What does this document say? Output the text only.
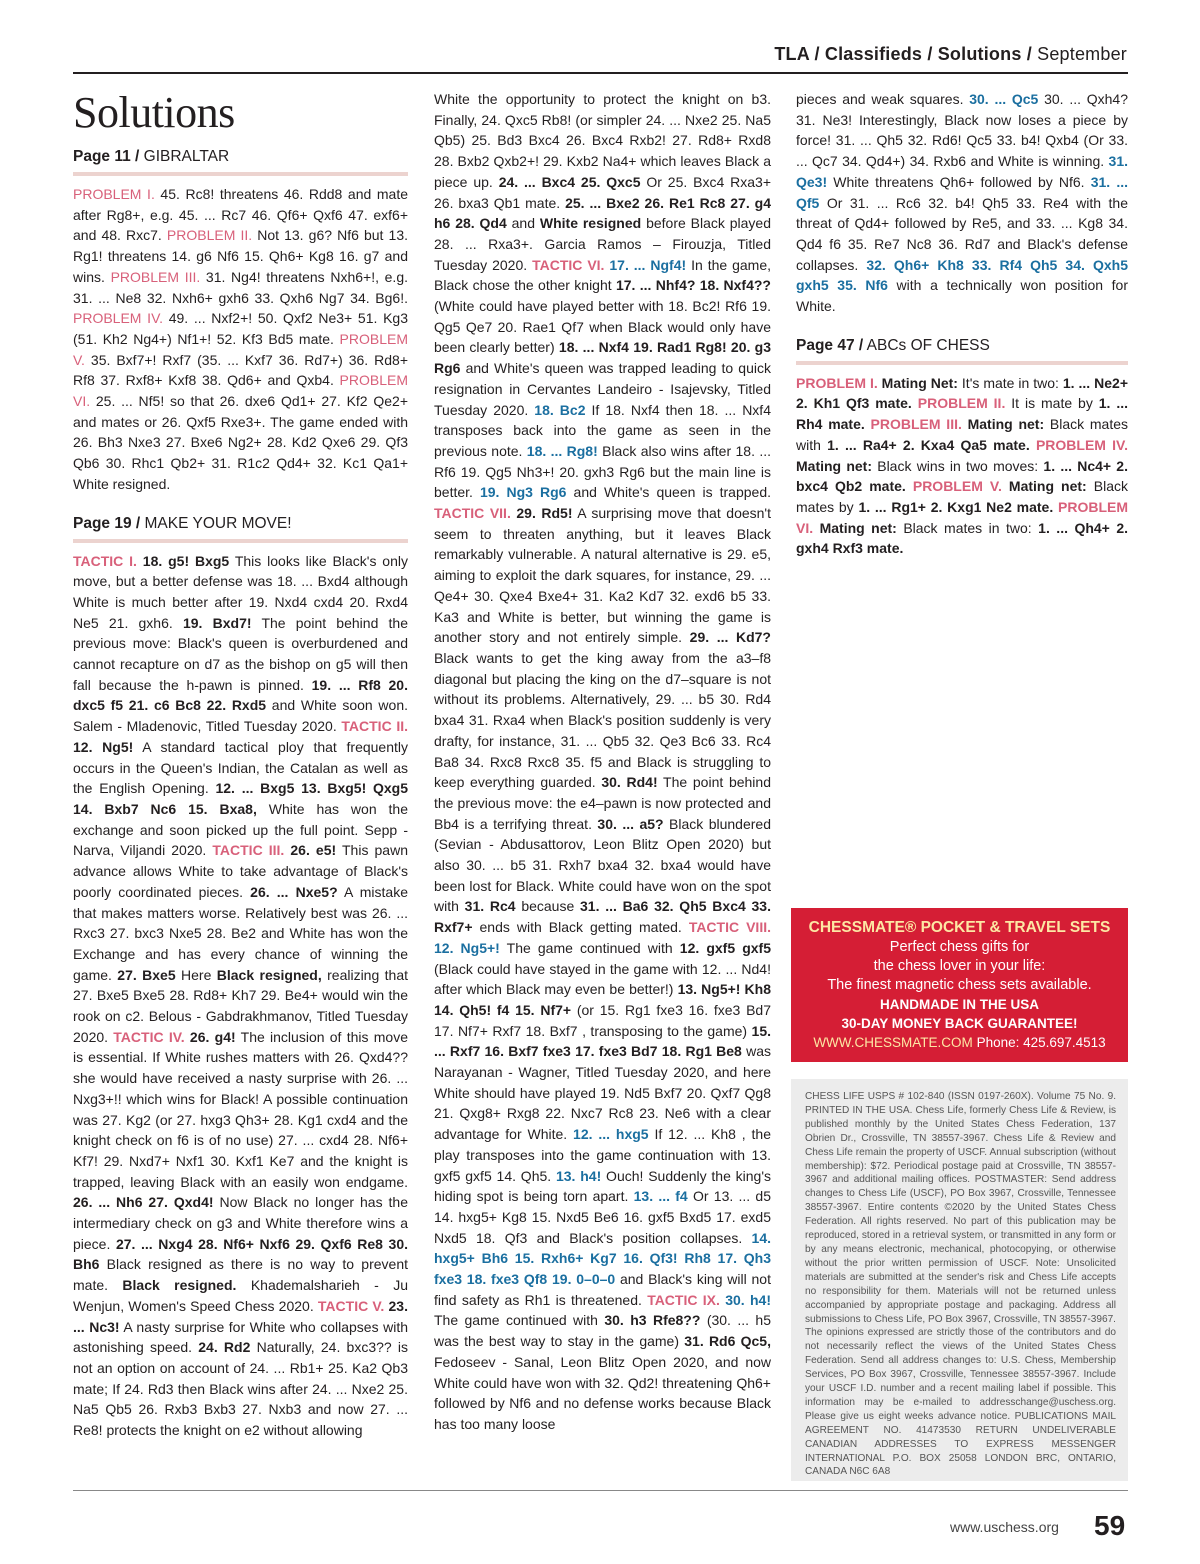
TLA / Classifieds / Solutions / September
Solutions
Page 11 / GIBRALTAR

PROBLEM I. 45. Rc8! threatens 46. Rdd8 and mate after Rg8+, e.g. 45. ... Rc7 46. Qf6+ Qxf6 47. exf6+ and 48. Rxc7. PROBLEM II. Not 13. g6? Nf6 but 13. Rg1! threatens 14. g6 Nf6 15. Qh6+ Kg8 16. g7 and wins. PROBLEM III. 31. Ng4! threatens Nxh6+!, e.g. 31. ... Ne8 32. Nxh6+ gxh6 33. Qxh6 Ng7 34. Bg6!. PROBLEM IV. 49. ... Nxf2+! 50. Qxf2 Ne3+ 51. Kg3 (51. Kh2 Ng4+) Nf1+! 52. Kf3 Bd5 mate. PROBLEM V. 35. Bxf7+! Rxf7 (35. ... Kxf7 36. Rd7+) 36. Rd8+ Rf8 37. Rxf8+ Kxf8 38. Qd6+ and Qxb4. PROBLEM VI. 25. ... Nf5! so that 26. dxe6 Qd1+ 27. Kf2 Qe2+ and mates or 26. Qxf5 Rxe3+. The game ended with 26. Bh3 Nxe3 27. Bxe6 Ng2+ 28. Kd2 Qxe6 29. Qf3 Qb6 30. Rhc1 Qb2+ 31. R1c2 Qd4+ 32. Kc1 Qa1+ White resigned.

Page 19 / MAKE YOUR MOVE!

TACTIC I. 18. g5! Bxg5 This looks like Black's only move, but a better defense was 18. ... Bxd4 although White is much better after 19. Nxd4 cxd4 20. Rxd4 Ne5 21. gxh6. 19. Bxd7! The point behind the previous move: Black's queen is overburdened and cannot recapture on d7 as the bishop on g5 will then fall because the h-pawn is pinned. 19. ... Rf8 20. dxc5 f5 21. c6 Bc8 22. Rxd5 and White soon won. Salem - Mladenovic, Titled Tuesday 2020. TACTIC II. 12. Ng5! A standard tactical ploy that frequently occurs in the Queen's Indian, the Catalan as well as the English Opening. 12. ... Bxg5 13. Bxg5! Qxg5 14. Bxb7 Nc6 15. Bxa8, White has won the exchange and soon picked up the full point. Sepp - Narva, Viljandi 2020. TACTIC III. 26. e5! This pawn advance allows White to take advantage of Black's poorly coordinated pieces. 26. ... Nxe5? A mistake that makes matters worse. Relatively best was 26. ... Rxc3 27. bxc3 Nxe5 28. Be2 and White has won the Exchange and has every chance of winning the game. 27. Bxe5 Here Black resigned, realizing that 27. Bxe5 Bxe5 28. Rd8+ Kh7 29. Be4+ would win the rook on c2. Belous - Gabdrakhmanov, Titled Tuesday 2020. TACTIC IV. 26. g4! The inclusion of this move is essential. If White rushes matters with 26. Qxd4?? she would have received a nasty surprise with 26. ... Nxg3+!! which wins for Black! A possible continuation was 27. Kg2 (or 27. hxg3 Qh3+ 28. Kg1 cxd4 and the knight check on f6 is of no use) 27. ... cxd4 28. Nf6+ Kf7! 29. Nxd7+ Nxf1 30. Kxf1 Ke7 and the knight is trapped, leaving Black with an easily won endgame. 26. ... Nh6 27. Qxd4! Now Black no longer has the intermediary check on g3 and White therefore wins a piece. 27. ... Nxg4 28. Nf6+ Nxf6 29. Qxf6 Re8 30. Bh6 Black resigned as there is no way to prevent mate. Black resigned. Khademalsharieh - Ju Wenjun, Women's Speed Chess 2020. TACTIC V. 23. ... Nc3! A nasty surprise for White who collapses with astonishing speed. 24. Rd2 Naturally, 24. bxc3?? is not an option on account of 24. ... Rb1+ 25. Ka2 Qb3 mate; If 24. Rd3 then Black wins after 24. ... Nxe2 25. Na5 Qb5 26. Rxb3 Bxb3 27. Nxb3 and now 27. ... Re8! protects the knight on e2 without allowing

White the opportunity to protect the knight on b3. Finally, 24. Qxc5 Rb8! (or simpler 24. ... Nxe2 25. Na5 Qb5) 25. Bd3 Bxc4 26. Bxc4 Rxb2! 27. Rd8+ Rxd8 28. Bxb2 Qxb2+! 29. Kxb2 Na4+ which leaves Black a piece up. 24. ... Bxc4 25. Qxc5 Or 25. Bxc4 Rxa3+ 26. bxa3 Qb1 mate. 25. ... Bxe2 26. Re1 Rc8 27. g4 h6 28. Qd4 and White resigned before Black played 28. ... Rxa3+. Garcia Ramos – Firouzja, Titled Tuesday 2020. TACTIC VI. 17. ... Ngf4! In the game, Black chose the other knight 17. ... Nhf4? 18. Nxf4?? (White could have played better with 18. Bc2! Rf6 19. Qg5 Qe7 20. Rae1 Qf7 when Black would only have been clearly better) 18. ... Nxf4 19. Rad1 Rg8! 20. g3 Rg6 and White's queen was trapped leading to quick resignation in Cervantes Landeiro - Isajevsky, Titled Tuesday 2020. 18. Bc2 If 18. Nxf4 then 18. ... Nxf4 transposes back into the game as seen in the previous note. 18. ... Rg8! Black also wins after 18. ... Rf6 19. Qg5 Nh3+! 20. gxh3 Rg6 but the main line is better. 19. Ng3 Rg6 and White's queen is trapped. TACTIC VII. 29. Rd5! A surprising move that doesn't seem to threaten anything, but it leaves Black remarkably vulnerable. A natural alternative is 29. e5, aiming to exploit the dark squares, for instance, 29. ... Qe4+ 30. Qxe4 Bxe4+ 31. Ka2 Kd7 32. exd6 b5 33. Ka3 and White is better, but winning the game is another story and not entirely simple. 29. ... Kd7? Black wants to get the king away from the a3–f8 diagonal but placing the king on the d7–square is not without its problems. Alternatively, 29. ... b5 30. Rd4 bxa4 31. Rxa4 when Black's position suddenly is very drafty, for instance, 31. ... Qb5 32. Qe3 Bc6 33. Rc4 Ba8 34. Rxc8 Rxc8 35. f5 and Black is struggling to keep everything guarded. 30. Rd4! The point behind the previous move: the e4–pawn is now protected and Bb4 is a terrifying threat. 30. ... a5? Black blundered (Sevian - Abdusattorov, Leon Blitz Open 2020) but also 30. ... b5 31. Rxh7 bxa4 32. bxa4 would have been lost for Black. White could have won on the spot with 31. Rc4 because 31. ... Ba6 32. Qh5 Bxc4 33. Rxf7+ ends with Black getting mated. TACTIC VIII. 12. Ng5+! The game continued with 12. gxf5 gxf5 (Black could have stayed in the game with 12. ... Nd4! after which Black may even be better!) 13. Ng5+! Kh8 14. Qh5! f4 15. Nf7+ (or 15. Rg1 fxe3 16. fxe3 Bd7 17. Nf7+ Rxf7 18. Bxf7 , transposing to the game) 15. ... Rxf7 16. Bxf7 fxe3 17. fxe3 Bd7 18. Rg1 Be8 was Narayanan - Wagner, Titled Tuesday 2020, and here White should have played 19. Nd5 Bxf7 20. Qxf7 Qg8 21. Qxg8+ Rxg8 22. Nxc7 Rc8 23. Ne6 with a clear advantage for White. 12. ... hxg5 If 12. ... Kh8 , the play transposes into the game continuation with 13. gxf5 gxf5 14. Qh5. 13. h4! Ouch! Suddenly the king's hiding spot is being torn apart. 13. ... f4 Or 13. ... d5 14. hxg5+ Kg8 15. Nxd5 Be6 16. gxf5 Bxd5 17. exd5 Nxd5 18. Qf3 and Black's position collapses. 14. hxg5+ Bh6 15. Rxh6+ Kg7 16. Qf3! Rh8 17. Qh3 fxe3 18. fxe3 Qf8 19. 0–0–0 and Black's king will not find safety as Rh1 is threatened. TACTIC IX. 30. h4! The game continued with 30. h3 Rfe8?? (30. ... h5 was the best way to stay in the game) 31. Rd6 Qc5, Fedoseev - Sanal, Leon Blitz Open 2020, and now White could have won with 32. Qd2! threatening Qh6+ followed by Nf6 and no defense works because Black has too many loose

pieces and weak squares. 30. ... Qc5 30. ... Qxh4? 31. Ne3! Interestingly, Black now loses a piece by force! 31. ... Qh5 32. Rd6! Qc5 33. b4! Qxb4 (Or 33. ... Qc7 34. Qd4+) 34. Rxb6 and White is winning. 31. Qe3! White threatens Qh6+ followed by Nf6. 31. ... Qf5 Or 31. ... Rc6 32. b4! Qh5 33. Re4 with the threat of Qd4+ followed by Re5, and 33. ... Kg8 34. Qd4 f6 35. Re7 Nc8 36. Rd7 and Black's defense collapses. 32. Qh6+ Kh8 33. Rf4 Qh5 34. Qxh5 gxh5 35. Nf6 with a technically won position for White.

Page 47 / ABCs OF CHESS

PROBLEM I. Mating Net: It's mate in two: 1. ... Ne2+ 2. Kh1 Qf3 mate. PROBLEM II. It is mate by 1. ... Rh4 mate. PROBLEM III. Mating net: Black mates with 1. ... Ra4+ 2. Kxa4 Qa5 mate. PROBLEM IV. Mating net: Black wins in two moves: 1. ... Nc4+ 2. bxc4 Qb2 mate. PROBLEM V. Mating net: Black mates by 1. ... Rg1+ 2. Kxg1 Ne2 mate. PROBLEM VI. Mating net: Black mates in two: 1. ... Qh4+ 2. gxh4 Rxf3 mate.

CHESSMATE® POCKET & TRAVEL SETS
Perfect chess gifts for
the chess lover in your life:
The finest magnetic chess sets available.
HANDMADE IN THE USA
30-DAY MONEY BACK GUARANTEE!
WWW.CHESSMATE.COM Phone: 425.697.4513
CHESS LIFE USPS # 102-840 (ISSN 0197-260X). Volume 75 No. 9. PRINTED IN THE USA. Chess Life, formerly Chess Life & Review, is published monthly by the United States Chess Federation, 137 Obrien Dr., Crossville, TN 38557-3967. Chess Life & Review and Chess Life remain the property of USCF. Annual subscription (without membership): $72. Periodical postage paid at Crossville, TN 38557-3967 and additional mailing offices. POSTMASTER: Send address changes to Chess Life (USCF), PO Box 3967, Crossville, Tennessee 38557-3967. Entire contents ©2020 by the United States Chess Federation. All rights reserved. No part of this publication may be reproduced, stored in a retrieval system, or transmitted in any form or by any means electronic, mechanical, photocopying, or otherwise without the prior written permission of USCF. Note: Unsolicited materials are submitted at the sender's risk and Chess Life accepts no responsibility for them. Materials will not be returned unless accompanied by appropriate postage and packaging. Address all submissions to Chess Life, PO Box 3967, Crossville, TN 38557-3967. The opinions expressed are strictly those of the contributors and do not necessarily reflect the views of the United States Chess Federation. Send all address changes to: U.S. Chess, Membership Services, PO Box 3967, Crossville, Tennessee 38557-3967. Include your USCF I.D. number and a recent mailing label if possible. This information may be e-mailed to addresschange@uschess.org. Please give us eight weeks advance notice. PUBLICATIONS MAIL AGREEMENT NO. 41473530 RETURN UNDELIVERABLE CANADIAN ADDRESSES TO EXPRESS MESSENGER INTERNATIONAL P.O. BOX 25058 LONDON BRC, ONTARIO, CANADA N6C 6A8
www.uschess.org 59
